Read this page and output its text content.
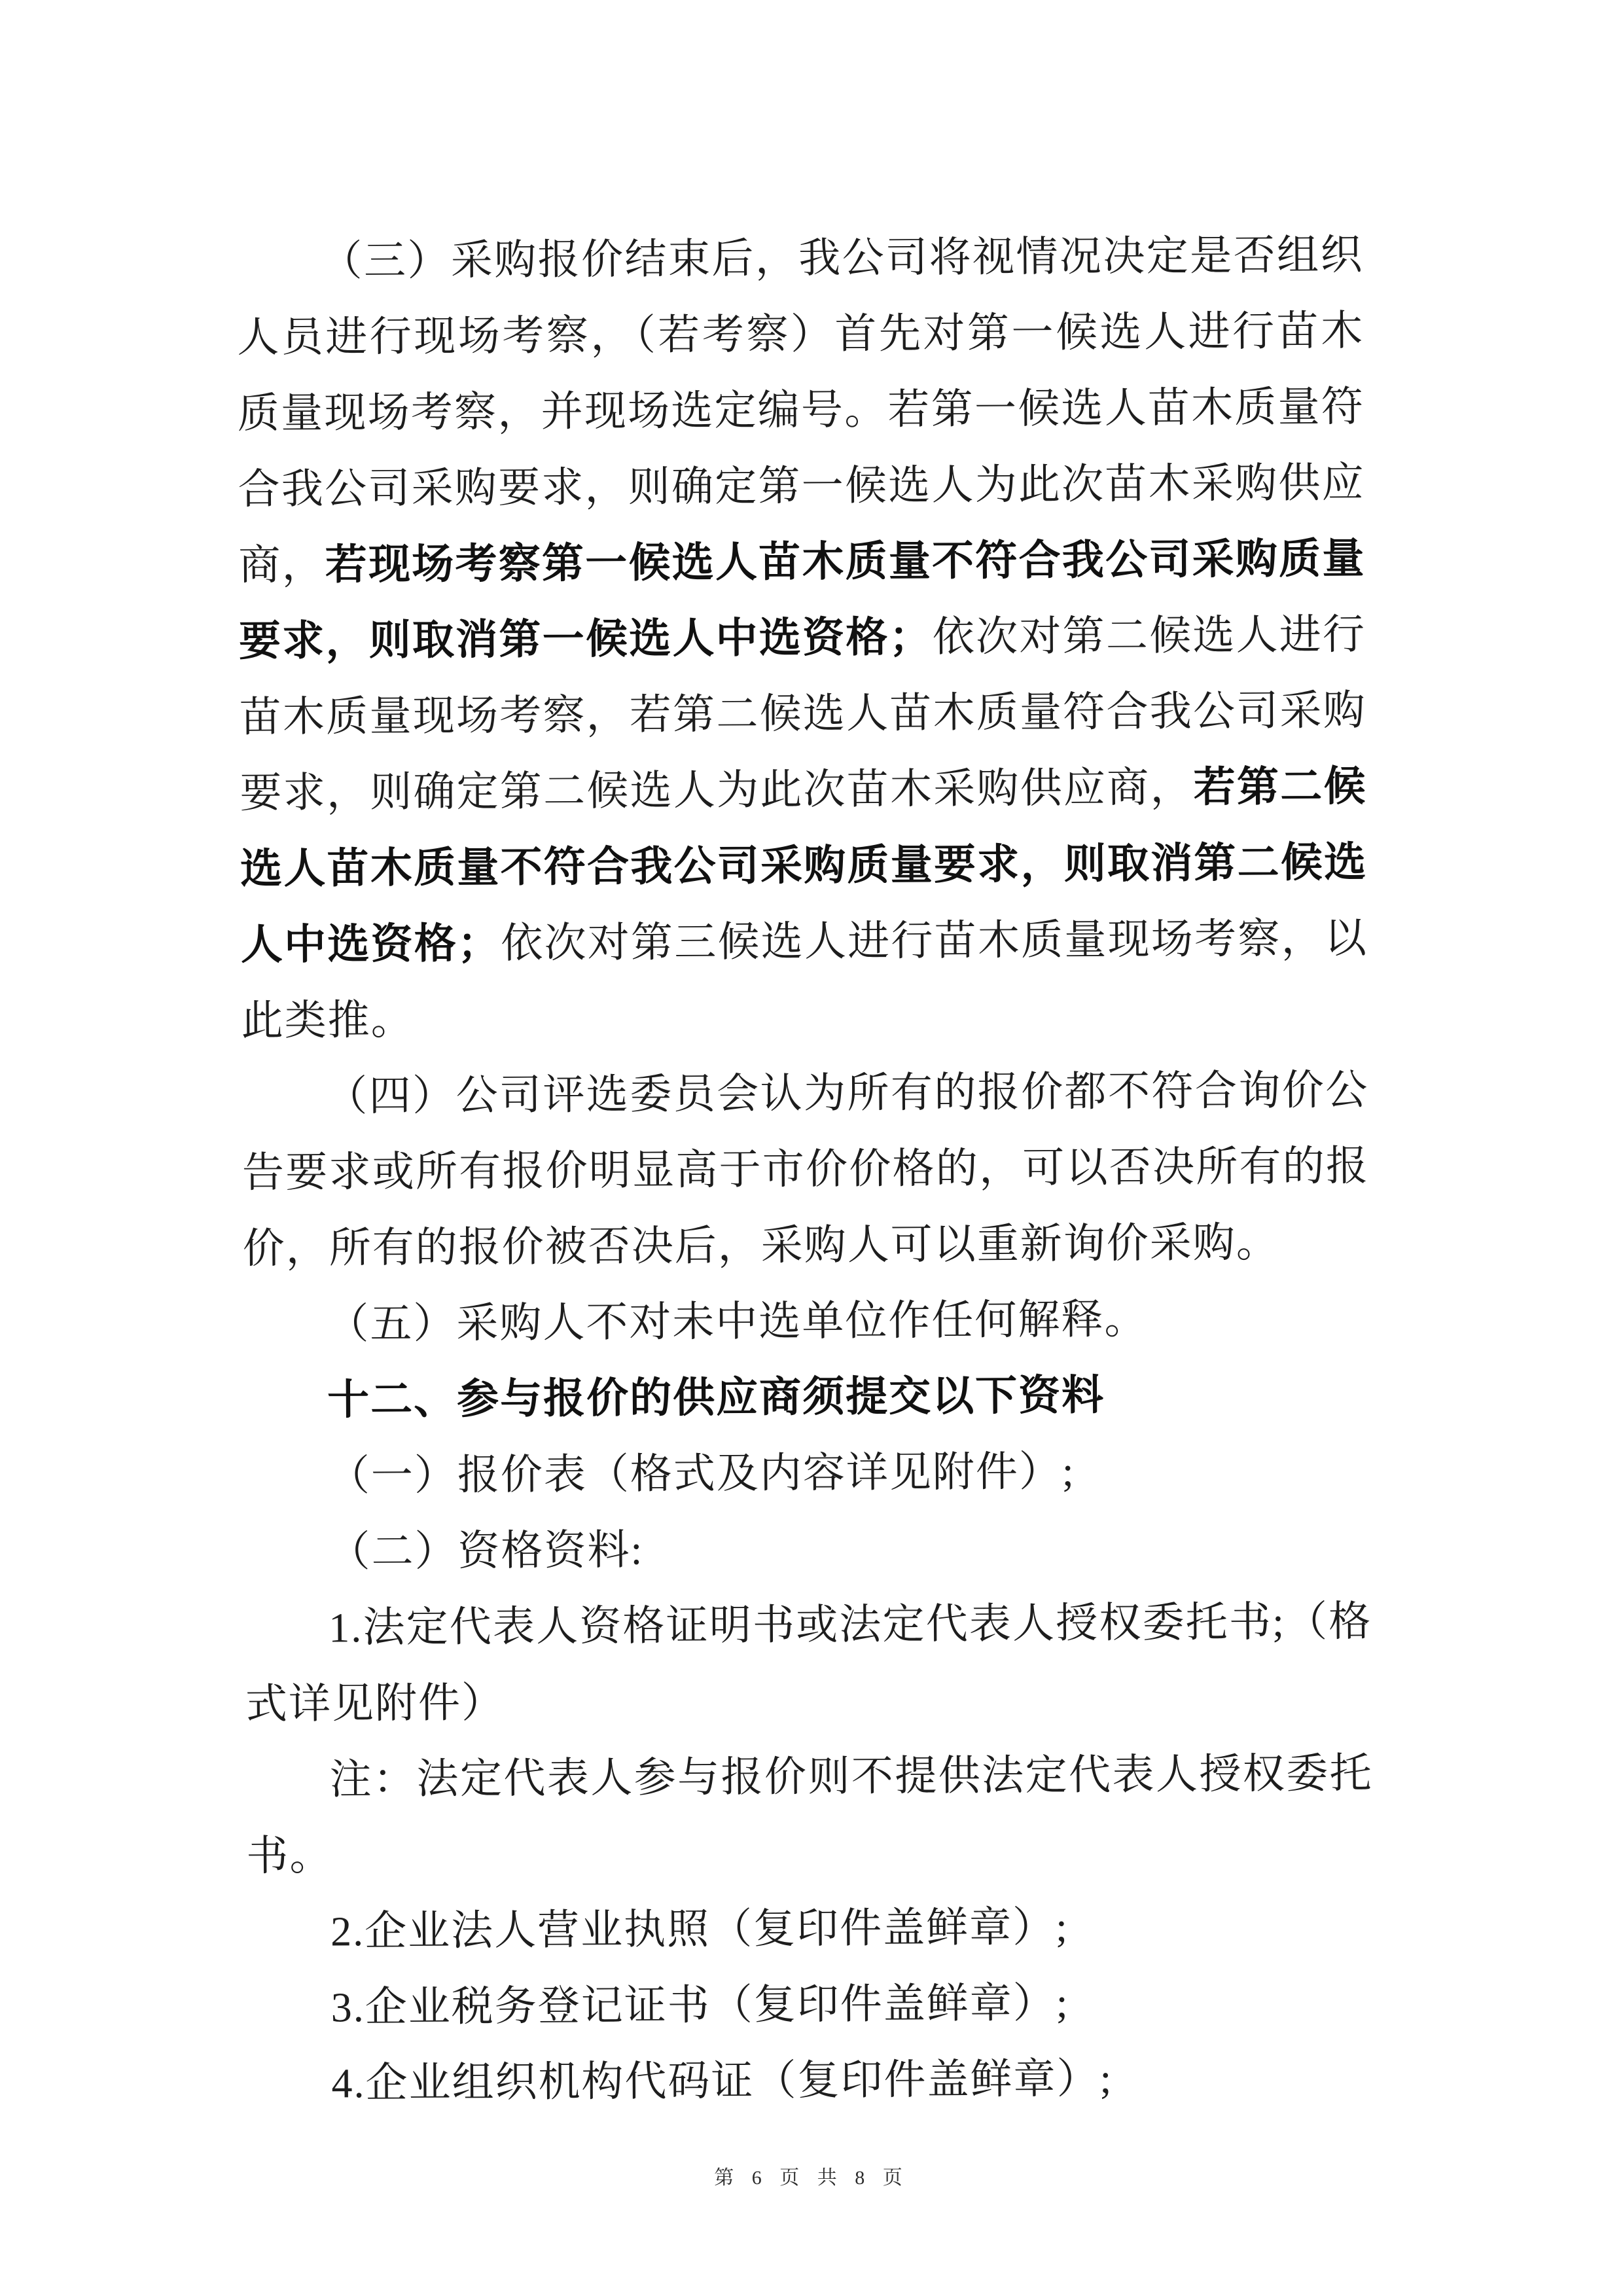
（三）采购报价结束后，我公司将视情况决定是否组织人员进行现场考察，（若考察）首先对第一候选人进行苗木质量现场考察，并现场选定编号。若第一候选人苗木质量符合我公司采购要求，则确定第一候选人为此次苗木采购供应商，若现场考察第一候选人苗木质量不符合我公司采购质量要求，则取消第一候选人中选资格；依次对第二候选人进行苗木质量现场考察，若第二候选人苗木质量符合我公司采购要求，则确定第二候选人为此次苗木采购供应商，若第二候选人苗木质量不符合我公司采购质量要求，则取消第二候选人中选资格；依次对第三候选人进行苗木质量现场考察，以此类推。

（四）公司评选委员会认为所有的报价都不符合询价公告要求或所有报价明显高于市价价格的，可以否决所有的报价，所有的报价被否决后，采购人可以重新询价采购。

（五）采购人不对未中选单位作任何解释。

十二、参与报价的供应商须提交以下资料

（一）报价表（格式及内容详见附件）;

（二）资格资料:

1.法定代表人资格证明书或法定代表人授权委托书;（格式详见附件）

注：法定代表人参与报价则不提供法定代表人授权委托书。

2.企业法人营业执照（复印件盖鲜章）;

3.企业税务登记证书（复印件盖鲜章）;

4.企业组织机构代码证（复印件盖鲜章）;

第 6 页 共 8 页
